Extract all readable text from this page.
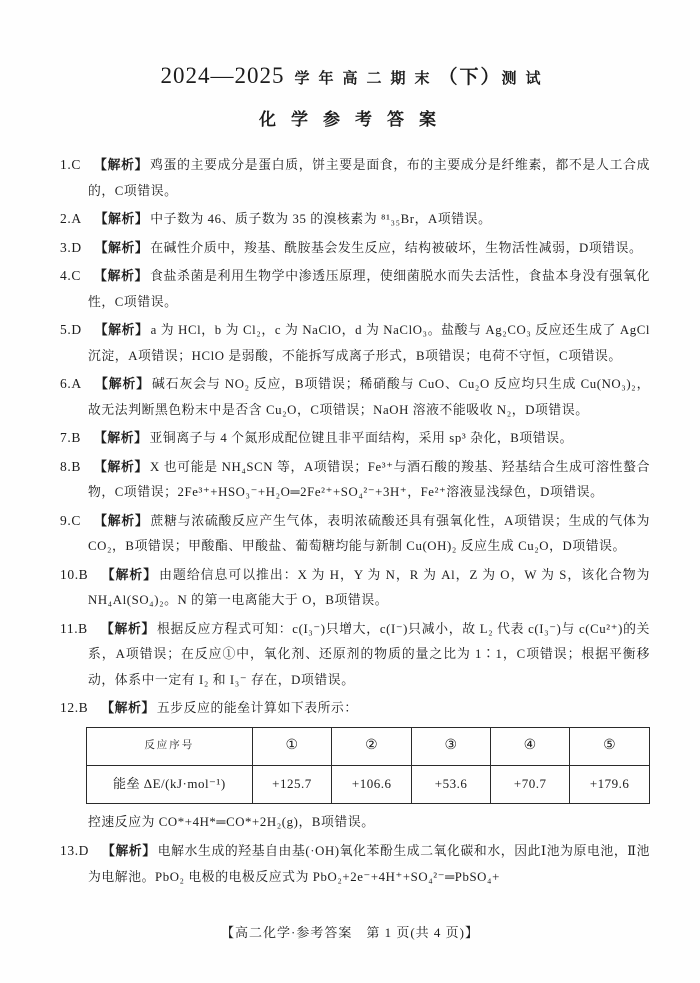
2024—2025 学年高二期末（下）测试
化学参考答案
1.C 【解析】 鸡蛋的主要成分是蛋白质，饼主要是面食，布的主要成分是纤维素，都不是人工合成的，C项错误。
2.A 【解析】 中子数为 46、质子数为 35 的溴核素为 ⁸¹₃₅Br，A项错误。
3.D 【解析】 在碱性介质中，羧基、酰胺基会发生反应，结构被破坏，生物活性减弱，D项错误。
4.C 【解析】 食盐杀菌是利用生物学中渗透压原理，使细菌脱水而失去活性，食盐本身没有强氧化性，C项错误。
5.D 【解析】 a 为 HCl，b 为 Cl₂，c 为 NaClO，d 为 NaClO₃。盐酸与 Ag₂CO₃ 反应还生成了 AgCl 沉淀，A项错误；HClO 是弱酸，不能拆写成离子形式，B项错误；电荷不守恒，C项错误。
6.A 【解析】 碱石灰会与 NO₂ 反应，B项错误；稀硝酸与 CuO、Cu₂O 反应均只生成 Cu(NO₃)₂，故无法判断黑色粉末中是否含 Cu₂O，C项错误；NaOH 溶液不能吸收 N₂，D项错误。
7.B 【解析】 亚铜离子与 4 个氮形成配位键且非平面结构，采用 sp³ 杂化，B项错误。
8.B 【解析】 X 也可能是 NH₄SCN 等，A项错误；Fe³⁺与酒石酸的羧基、羟基结合生成可溶性螯合物，C项错误；2Fe³⁺+HSO₃⁻+H₂O═2Fe²⁺+SO₄²⁻+3H⁺，Fe²⁺溶液显浅绿色，D项错误。
9.C 【解析】 蔗糖与浓硫酸反应产生气体，表明浓硫酸还具有强氧化性，A项错误；生成的气体为 CO₂，B项错误；甲酸酯、甲酸盐、葡萄糖均能与新制 Cu(OH)₂ 反应生成 Cu₂O，D项错误。
10.B 【解析】 由题给信息可以推出：X 为 H，Y 为 N，R 为 Al，Z 为 O，W 为 S，该化合物为 NH₄Al(SO₄)₂。N 的第一电离能大于 O，B项错误。
11.B 【解析】 根据反应方程式可知：c(I₃⁻)只增大，c(I⁻)只减小，故 L₂ 代表 c(I₃⁻)与 c(Cu²⁺)的关系，A项错误；在反应①中，氧化剂、还原剂的物质的量之比为 1∶1，C项错误；根据平衡移动，体系中一定有 I₂ 和 I₃⁻ 存在，D项错误。
12.B 【解析】 五步反应的能垒计算如下表所示：
反应序号	①	②	③	④	⑤
能垒 ΔE/(kJ·mol⁻¹)	+125.7	+106.6	+53.6	+70.7	+179.6
控速反应为 CO*+4H*═CO*+2H₂(g)，B项错误。
13.D 【解析】 电解水生成的羟基自由基(·OH)氧化苯酚生成二氧化碳和水，因此Ⅰ池为原电池，Ⅱ池为电解池。PbO₂ 电极的电极反应式为 PbO₂+2e⁻+4H⁺+SO₄²⁻═PbSO₄+
【高二化学·参考答案　第 1 页(共 4 页)】
